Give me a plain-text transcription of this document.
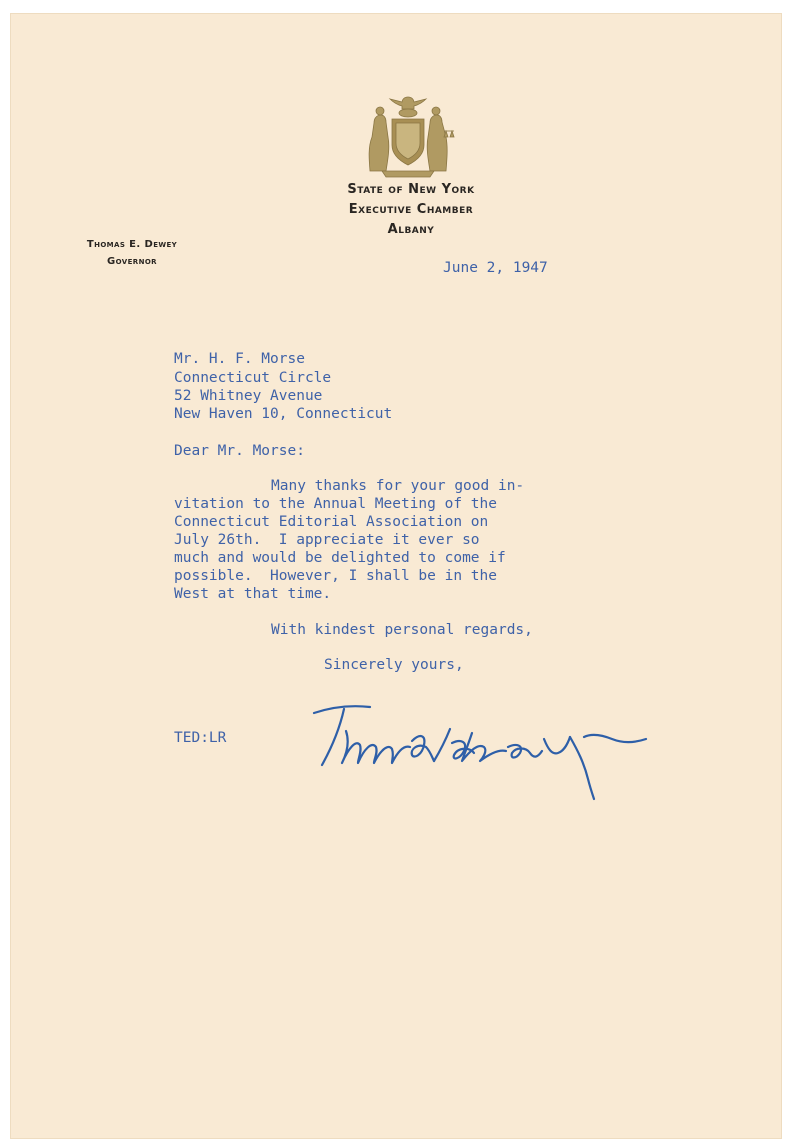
State of New York
Executive Chamber
Albany
Thomas E. Dewey
Governor	June 2, 1947
Mr. H. F. Morse
Connecticut Circle
52 Whitney Avenue
New Haven 10, Connecticut
Dear Mr. Morse:
Many thanks for your good in-
vitation to the Annual Meeting of the
Connecticut Editorial Association on
July 26th.  I appreciate it ever so
much and would be delighted to come if
possible.  However, I shall be in the
West at that time.
With kindest personal regards,
Sincerely yours,
TED:LR
